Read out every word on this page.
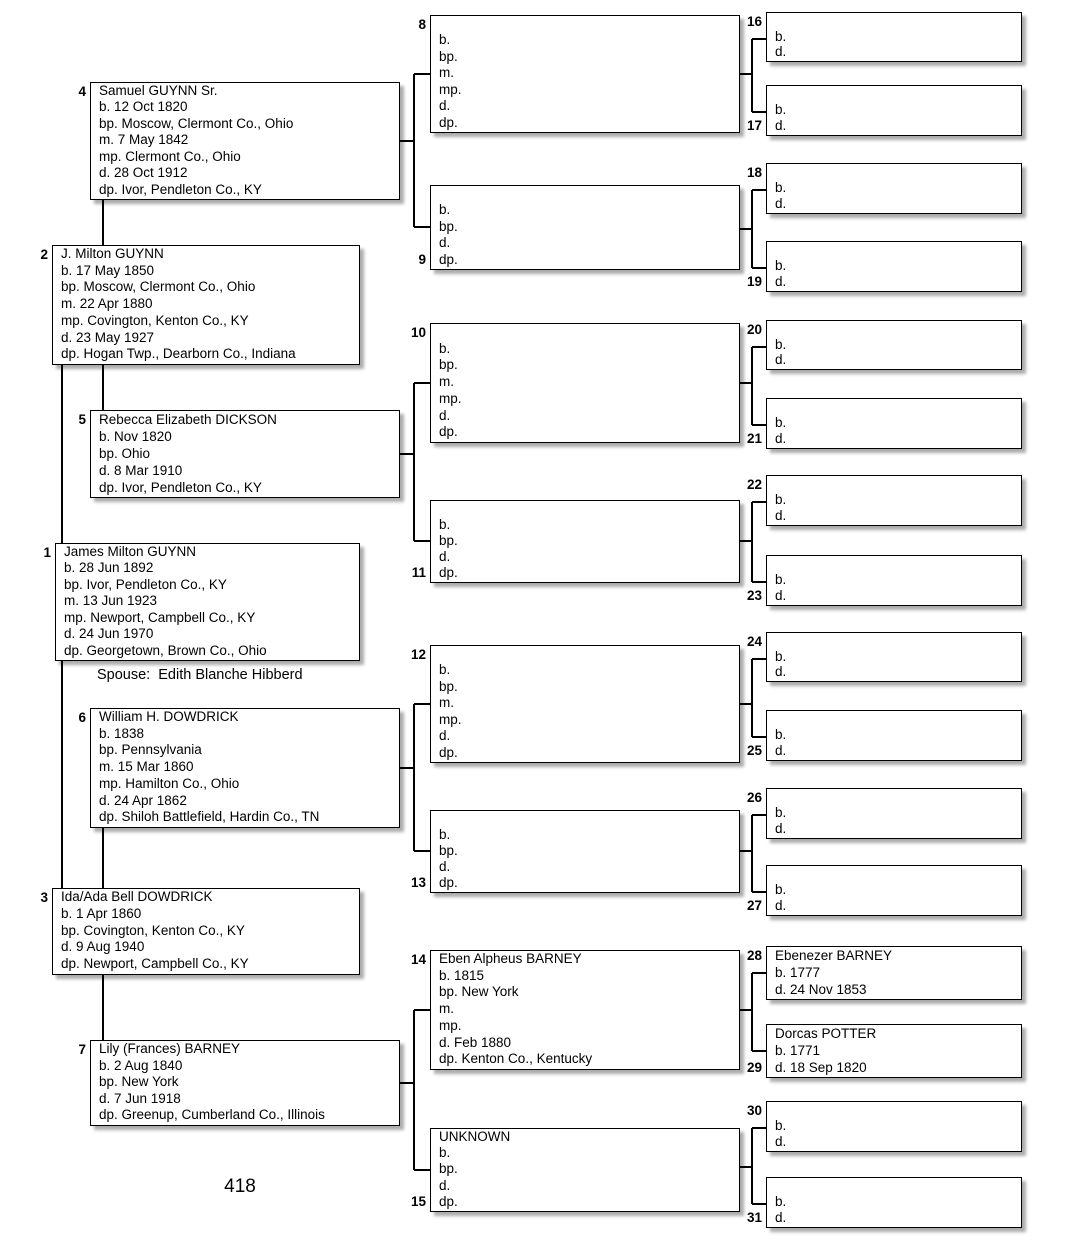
Spouse:  Edith Blanche Hibberd
418
James Milton GUYNN
b. 28 Jun 1892
bp. Ivor, Pendleton Co., KY
m. 13 Jun 1923
mp. Newport, Campbell Co., KY
d. 24 Jun 1970
dp. Georgetown, Brown Co., Ohio
1
J. Milton GUYNN
b. 17 May 1850
bp. Moscow, Clermont Co., Ohio
m. 22 Apr 1880
mp. Covington, Kenton Co., KY
d. 23 May 1927
dp. Hogan Twp., Dearborn Co., Indiana
2
Ida/Ada Bell DOWDRICK
b. 1 Apr 1860
bp. Covington, Kenton Co., KY
d. 9 Aug 1940
dp. Newport, Campbell Co., KY
3
Samuel GUYNN Sr.
b. 12 Oct 1820
bp. Moscow, Clermont Co., Ohio
m. 7 May 1842
mp. Clermont Co., Ohio
d. 28 Oct 1912
dp. Ivor, Pendleton Co., KY
4
Rebecca Elizabeth DICKSON
b. Nov 1820
bp. Ohio
d. 8 Mar 1910
dp. Ivor, Pendleton Co., KY
5
William H. DOWDRICK
b. 1838
bp. Pennsylvania
m. 15 Mar 1860
mp. Hamilton Co., Ohio
d. 24 Apr 1862
dp. Shiloh Battlefield, Hardin Co., TN
6
Lily (Frances) BARNEY
b. 2 Aug 1840
bp. New York
d. 7 Jun 1918
dp. Greenup, Cumberland Co., Illinois
7
b.
bp.
m.
mp.
d.
dp.
8
b.
bp.
d.
dp.
9
b.
bp.
m.
mp.
d.
dp.
10
b.
bp.
d.
dp.
11
b.
bp.
m.
mp.
d.
dp.
12
b.
bp.
d.
dp.
13
Eben Alpheus BARNEY
b. 1815
bp. New York
m.
mp.
d. Feb 1880
dp. Kenton Co., Kentucky
14
UNKNOWN
b.
bp.
d.
dp.
15
b.
d.
16
b.
d.
17
b.
d.
18
b.
d.
19
b.
d.
20
b.
d.
21
b.
d.
22
b.
d.
23
b.
d.
24
b.
d.
25
b.
d.
26
b.
d.
27
Ebenezer BARNEY
b. 1777
d. 24 Nov 1853
28
Dorcas POTTER
b. 1771
d. 18 Sep 1820
29
b.
d.
30
b.
d.
31
